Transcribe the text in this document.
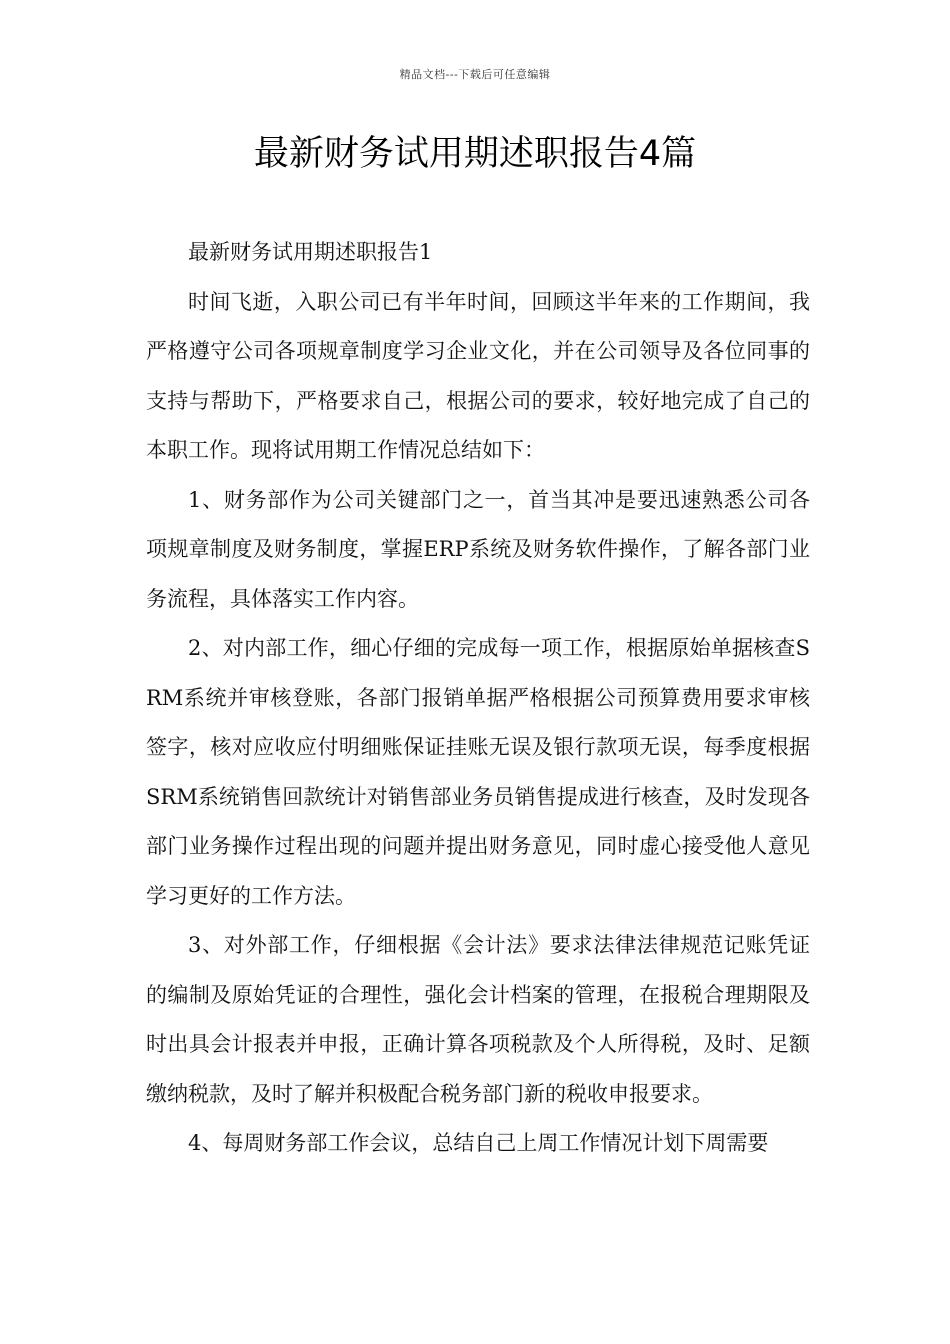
精品文档---下载后可任意编辑
最新财务试用期述职报告4篇

最新财务试用期述职报告1

时间飞逝，入职公司已有半年时间，回顾这半年来的工作期间，我严格遵守公司各项规章制度学习企业文化，并在公司领导及各位同事的支持与帮助下，严格要求自己，根据公司的要求，较好地完成了自己的本职工作。现将试用期工作情况总结如下：

1、财务部作为公司关键部门之一，首当其冲是要迅速熟悉公司各项规章制度及财务制度，掌握ERP系统及财务软件操作，了解各部门业务流程，具体落实工作内容。

2、对内部工作，细心仔细的完成每一项工作，根据原始单据核查SRM系统并审核登账，各部门报销单据严格根据公司预算费用要求审核签字，核对应收应付明细账保证挂账无误及银行款项无误，每季度根据SRM系统销售回款统计对销售部业务员销售提成进行核查，及时发现各部门业务操作过程出现的问题并提出财务意见，同时虚心接受他人意见学习更好的工作方法。

3、对外部工作，仔细根据《会计法》要求法律法律规范记账凭证的编制及原始凭证的合理性，强化会计档案的管理，在报税合理期限及时出具会计报表并申报，正确计算各项税款及个人所得税，及时、足额缴纳税款，及时了解并积极配合税务部门新的税收申报要求。

4、每周财务部工作会议，总结自己上周工作情况计划下周需要
